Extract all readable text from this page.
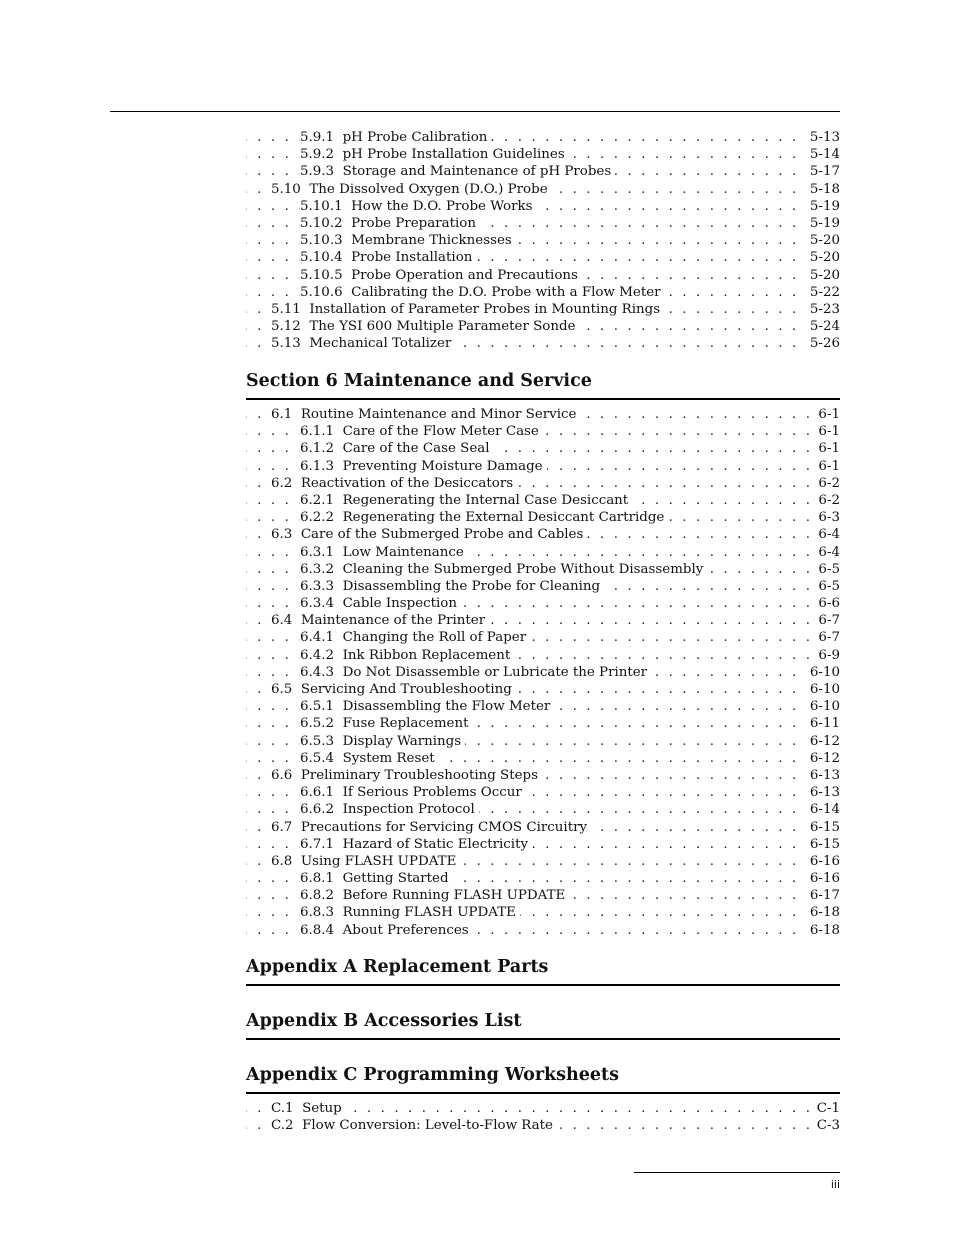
. . .
5.9.1 pH Probe Calibration	5-13
. . .
5.9.2 pH Probe Installation Guidelines	5-14
. . .
5.9.3 Storage and Maintenance of pH Probes	5-17
. . .
5.10 The Dissolved Oxygen (D.O.) Probe	5-18
. . .
5.10.1 How the D.O. Probe Works	5-19
. . .
5.10.2 Probe Preparation	5-19
. . .
5.10.3 Membrane Thicknesses	5-20
. . .
5.10.4 Probe Installation	5-20
. . .
5.10.5 Probe Operation and Precautions	5-20
. . .
5.10.6 Calibrating the D.O. Probe with a Flow Meter	5-22
. . .
5.11 Installation of Parameter Probes in Mounting Rings	5-23
. . .
5.12 The YSI 600 Multiple Parameter Sonde	5-24
. . .
5.13 Mechanical Totalizer	5-26
Section 6 Maintenance and Service
. . .
6.1 Routine Maintenance and Minor Service	6-1
. . .
6.1.1 Care of the Flow Meter Case	6-1
. . .
6.1.2 Care of the Case Seal	6-1
. . .
6.1.3 Preventing Moisture Damage	6-1
. . .
6.2 Reactivation of the Desiccators	6-2
. . .
6.2.1 Regenerating the Internal Case Desiccant	6-2
. . .
6.2.2 Regenerating the External Desiccant Cartridge	6-3
. . .
6.3 Care of the Submerged Probe and Cables	6-4
. . .
6.3.1 Low Maintenance	6-4
. . .
6.3.2 Cleaning the Submerged Probe Without Disassembly	6-5
. . .
6.3.3 Disassembling the Probe for Cleaning	6-5
. . .
6.3.4 Cable Inspection	6-6
. . .
6.4 Maintenance of the Printer	6-7
. . .
6.4.1 Changing the Roll of Paper	6-7
. . .
6.4.2 Ink Ribbon Replacement	6-9
. . .
6.4.3 Do Not Disassemble or Lubricate the Printer	6-10
. . .
6.5 Servicing And Troubleshooting	6-10
. . .
6.5.1 Disassembling the Flow Meter	6-10
. . .
6.5.2 Fuse Replacement	6-11
. . .
6.5.3 Display Warnings	6-12
. . .
6.5.4 System Reset	6-12
. . .
6.6 Preliminary Troubleshooting Steps	6-13
. . .
6.6.1 If Serious Problems Occur	6-13
. . .
6.6.2 Inspection Protocol	6-14
. . .
6.7 Precautions for Servicing CMOS Circuitry	6-15
. . .
6.7.1 Hazard of Static Electricity	6-15
. . .
6.8 Using FLASH UPDATE	6-16
. . .
6.8.1 Getting Started	6-16
. . .
6.8.2 Before Running FLASH UPDATE	6-17
. . .
6.8.3 Running FLASH UPDATE	6-18
. . .
6.8.4 About Preferences	6-18
Appendix A Replacement Parts
Appendix B Accessories List
Appendix C Programming Worksheets
. . .
C.1 Setup	C-1
. . .
C.2 Flow Conversion: Level-to-Flow Rate	C-3
iii
